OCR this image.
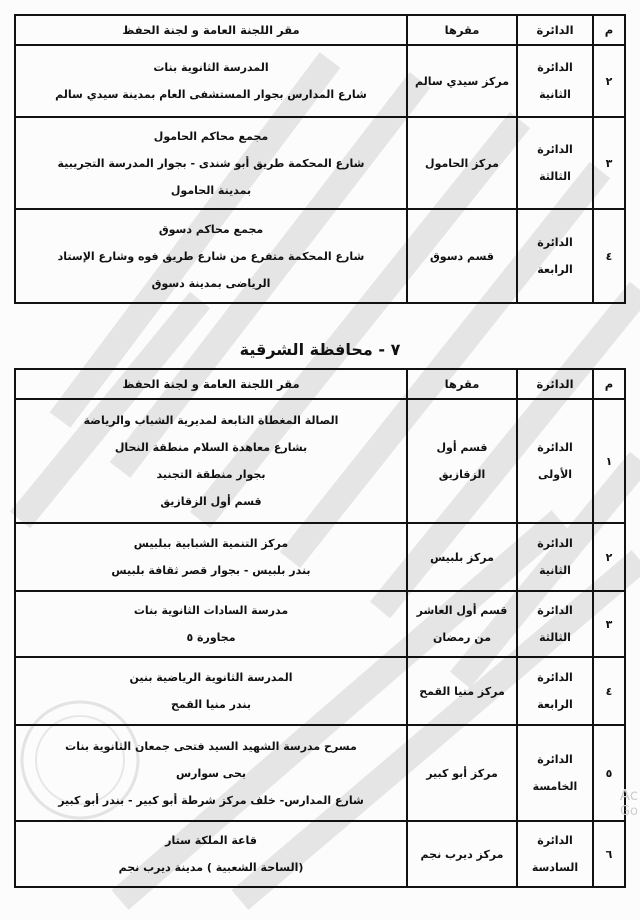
م	الدائرة	مقرها	مقر اللجنة العامة و لجنة الحفظ
٢	الدائرة الثانية	مركز سيدي سالم	المدرسة الثانوية بنات
شارع المدارس بجوار المستشفى العام بمدينة سيدي سالم

٣	الدائرة الثالثة	مركز الحامول	مجمع محاكم الحامول
شارع المحكمة طريق أبو شندى - بجوار المدرسة التجريبية
بمدينة الحامول

٤	الدائرة الرابعة	قسم دسوق	مجمع محاكم دسوق
شارع المحكمة متفرع من شارع طريق فوه وشارع الإستاد
الرياضى بمدينة دسوق
٧ - محافظة الشرقية
م	الدائرة	مقرها	مقر اللجنة العامة و لجنة الحفظ
١	الدائرة الأولى	قسم أول الزقازيق	الصالة المغطاة التابعة لمديرية الشباب والرياضة
بشارع معاهدة السلام منطقة النحال
بجوار منطقة التجنيد
قسم أول الزقازيق

٢	الدائرة الثانية	مركز بلبيس	مركز التنمية الشبابية ببلبيس
بندر بلبيس - بجوار قصر ثقافة بلبيس

٣	الدائرة الثالثة	قسم أول العاشر من رمضان	مدرسة السادات الثانوية بنات
مجاورة ٥

٤	الدائرة الرابعة	مركز منيا القمح	المدرسة الثانوية الرياضية بنين
بندر منيا القمح

٥	الدائرة الخامسة	مركز أبو كبير	مسرح مدرسة الشهيد السيد فتحى جمعان الثانوية بنات
بحى سوارس
شارع المدارس- خلف مركز شرطة أبو كبير - بندر أبو كبير

٦	الدائرة السادسة	مركز ديرب نجم	قاعة الملكة ستار
(الساحة الشعبية ) مدينة ديرب نجم
Ac
Go
